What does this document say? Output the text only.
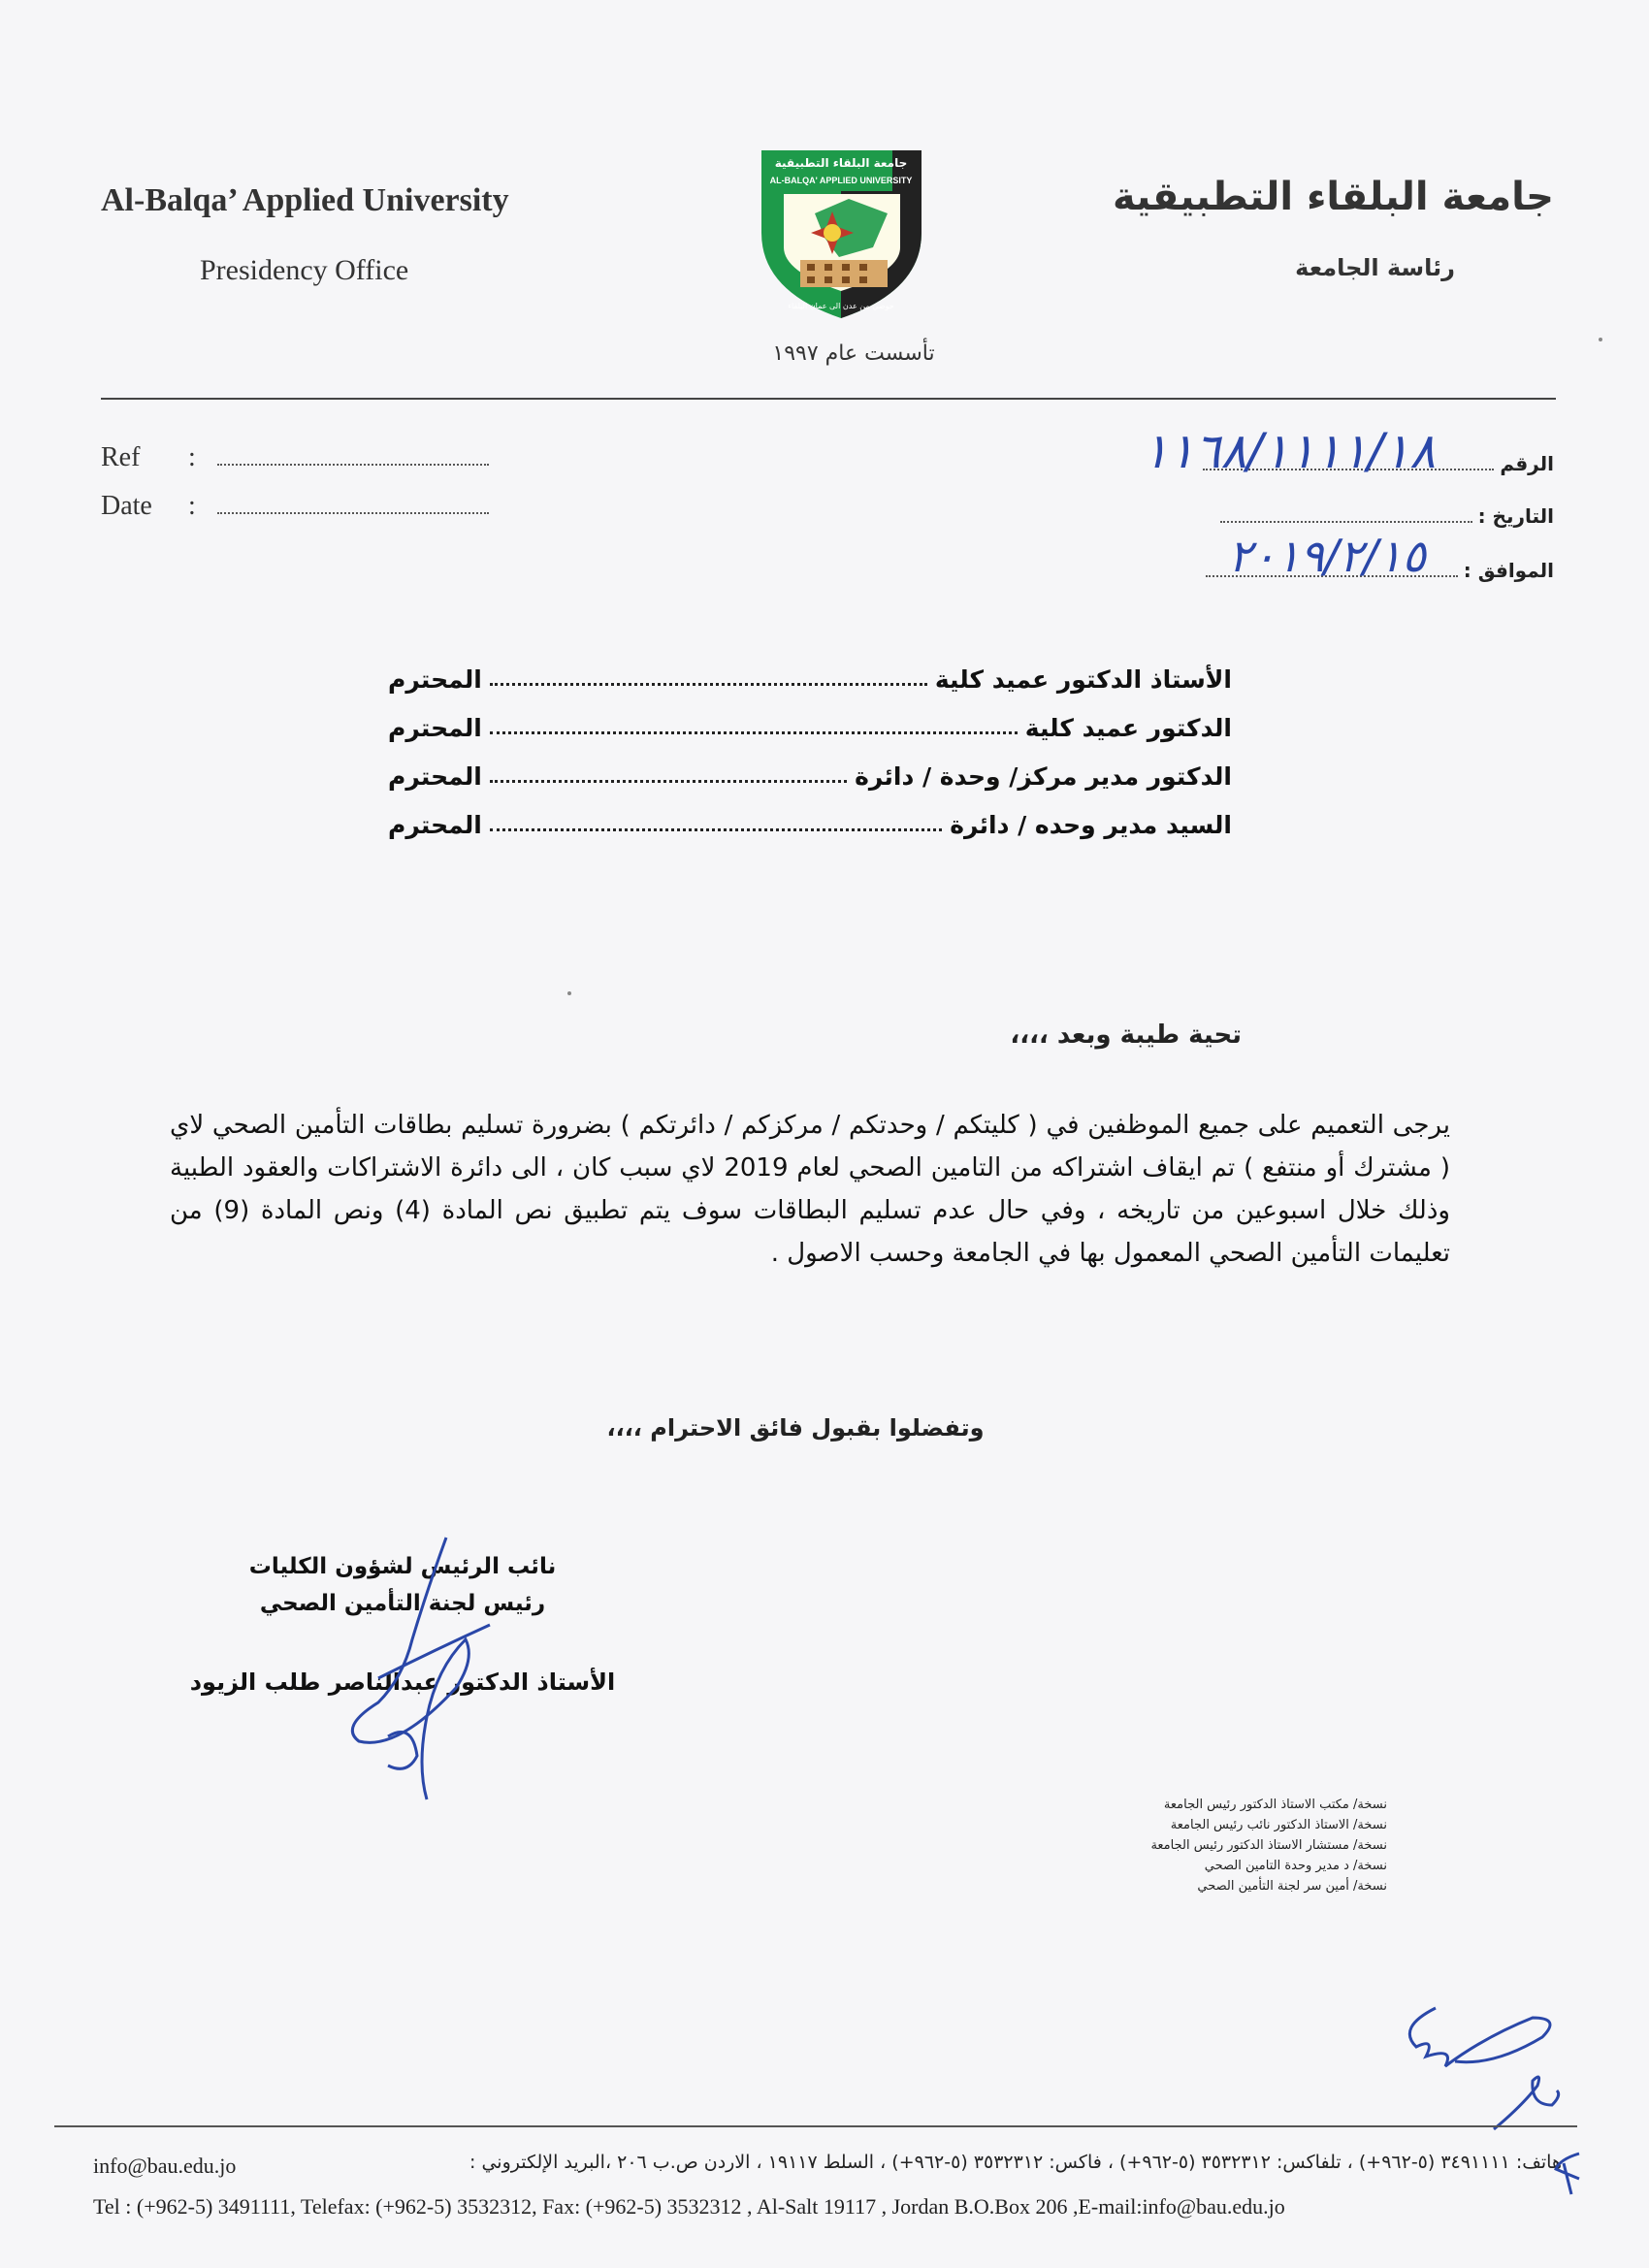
Al-Balqa’ Applied University
Presidency Office
جامعة البلقاء التطبيقية
رئاسة الجامعة
جامعة البلقاء التطبيقية
AL-BALQA' APPLIED UNIVERSITY
حوضي من عدن الى عمان البلقاء
تأسست عام ١٩٩٧
Ref	:
Date	:
الرقم
١١٦٨/١١١١/١٨
التاريخ :
الموافق :
٢٠١٩/٢/١٥
الأستاذ الدكتور عميد كلية
المحترم
الدكتور عميد كلية
المحترم
الدكتور مدير مركز/ وحدة / دائرة
المحترم
السيد مدير وحده / دائرة
المحترم
تحية طيبة وبعد ،،،،
يرجى التعميم على جميع الموظفين في ( كليتكم / وحدتكم / مركزكم / دائرتكم ) بضرورة تسليم بطاقات التأمين الصحي لاي ( مشترك أو منتفع ) تم ايقاف اشتراكه من التامين الصحي لعام 2019 لاي سبب كان ، الى دائرة الاشتراكات والعقود الطبية وذلك خلال اسبوعين من تاريخه ، وفي حال عدم تسليم البطاقات سوف يتم تطبيق نص المادة (4) ونص المادة (9) من تعليمات التأمين الصحي المعمول بها في الجامعة وحسب الاصول .
وتفضلوا بقبول فائق الاحترام ،،،،
نائب الرئيس لشؤون الكليات
رئيس لجنة التأمين الصحي
الأستاذ الدكتور عبدالناصر طلب الزيود
نسخة/ مكتب الاستاذ الدكتور رئيس الجامعة
نسخة/ الاستاذ الدكتور نائب رئيس الجامعة
نسخة/ مستشار الاستاذ الدكتور رئيس الجامعة
نسخة/ د مدير وحدة التامين الصحي
نسخة/ أمين سر لجنة التأمين الصحي
هاتف: ٣٤٩١١١١ (٥-٩٦٢+) ، تلفاكس: ٣٥٣٢٣١٢ (٥-٩٦٢+) ، فاكس: ٣٥٣٢٣١٢ (٥-٩٦٢+) ، السلط ١٩١١٧ ، الاردن ص.ب ٢٠٦ ،البريد الإلكتروني :
info@bau.edu.jo
Tel : (+962-5) 3491111, Telefax: (+962-5) 3532312, Fax: (+962-5) 3532312 , Al-Salt 19117 , Jordan B.O.Box 206 ,E-mail:info@bau.edu.jo
